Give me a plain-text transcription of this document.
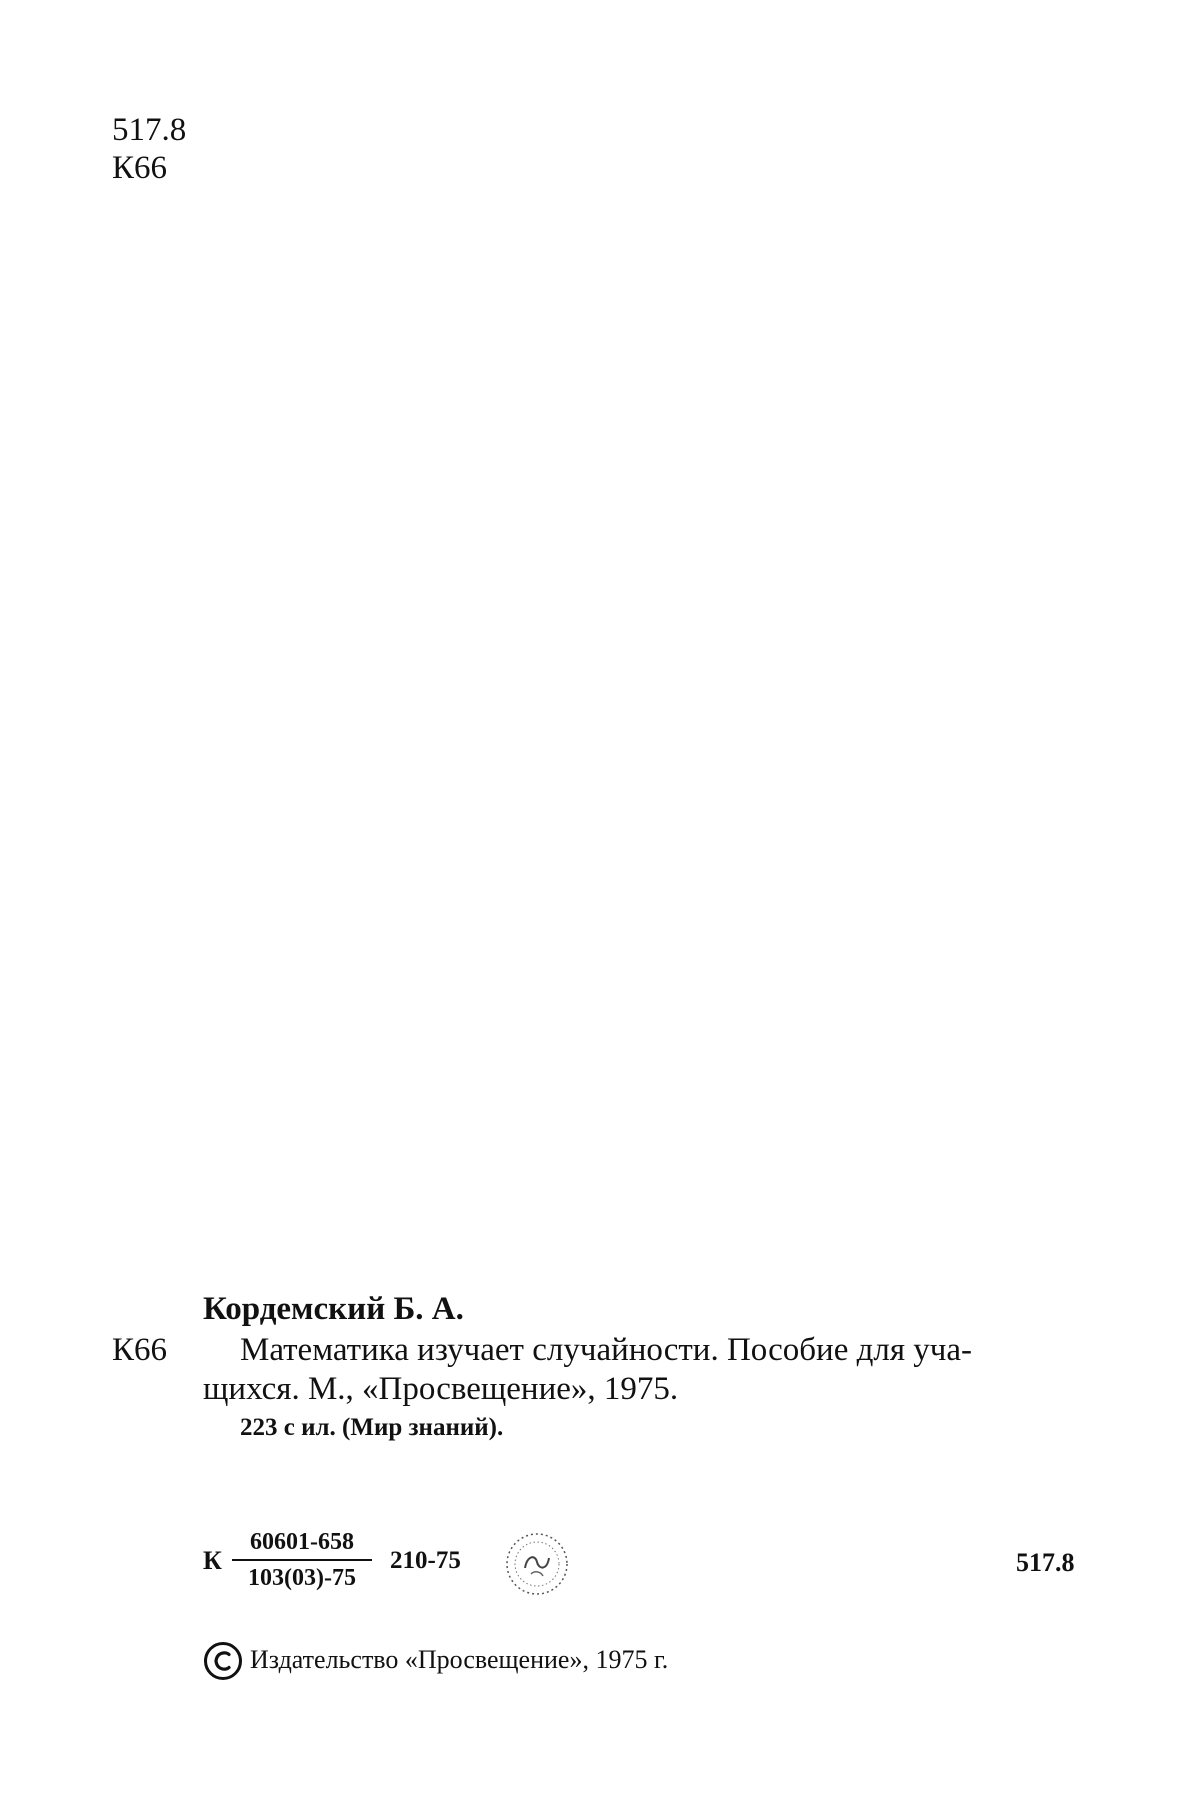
517.8
К66
Кордемский Б. А.
К66 Математика изучает случайности. Пособие для уча-
щихся. М., «Просвещение», 1975.
223 с ил. (Мир знаний).
К $\frac{60601-658}{103(03)-75} 210-75$	517.8
Издательство «Просвещение», 1975 г.
